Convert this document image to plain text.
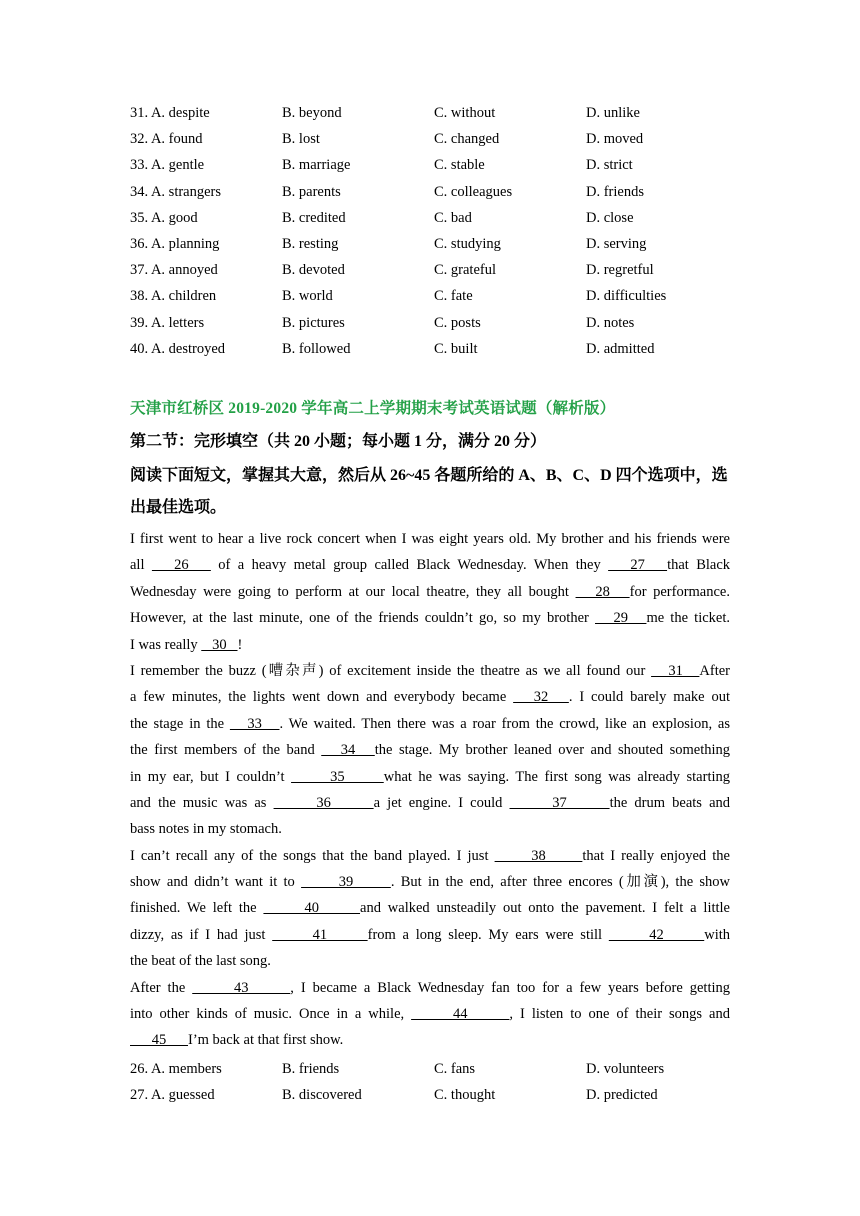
31. A. despite	B. beyond	C. without	D. unlike
32. A. found	B. lost	C. changed	D. moved
33. A. gentle	B. marriage	C. stable	D. strict
34. A. strangers	B. parents	C. colleagues	D. friends
35. A. good	B. credited	C. bad	D. close
36. A. planning	B. resting	C. studying	D. serving
37. A. annoyed	B. devoted	C. grateful	D. regretful
38. A. children	B. world	C. fate	D. difficulties
39. A. letters	B. pictures	C. posts	D. notes
40. A. destroyed	B. followed	C. built	D. admitted
天津市红桥区 2019-2020 学年高二上学期期末考试英语试题（解析版）
第二节：完形填空（共 20 小题；每小题 1 分，满分 20 分）
阅读下面短文，掌握其大意，然后从 26~45 各题所给的 A、B、C、D 四个选项中，选出最佳选项。
I first went to hear a live rock concert when I was eight years old. My brother and his friends were
all    26    of a heavy metal group called Black Wednesday. When they    27   that Black
Wednesday were going to perform at our local theatre, they all bought    28   for performance.
However, at the last minute, one of the friends couldn’t go, so my brother    29   me the ticket.
I was really    30   !
I remember the buzz (嘈杂声) of excitement inside the theatre as we all found our    31   After
a few minutes, the lights went down and everybody became    32   . I could barely make out
the stage in the    33   . We waited. Then there was a roar from the crowd, like an explosion, as
the first members of the band    34   the stage. My brother leaned over and shouted something
in my ear, but I couldn’t       35      what he was saying. The first song was already starting
and the music was as       36      a jet engine. I could       37      the drum beats and
bass notes in my stomach.
I can’t recall any of the songs that the band played. I just       38      that I really enjoyed the
show and didn’t want it to       39      . But in the end, after three encores (加演), the show
finished. We left the       40      and walked unsteadily out onto the pavement. I felt a little
dizzy, as if I had just       41      from a long sleep. My ears were still       42      with
the beat of the last song.
After the       43      , I became a Black Wednesday fan too for a few years before getting
into other kinds of music. Once in a while,       44      , I listen to one of their songs and
45      I’m back at that first show.
26. A. members	B. friends	C. fans	D. volunteers
27. A. guessed	B. discovered	C. thought	D. predicted
